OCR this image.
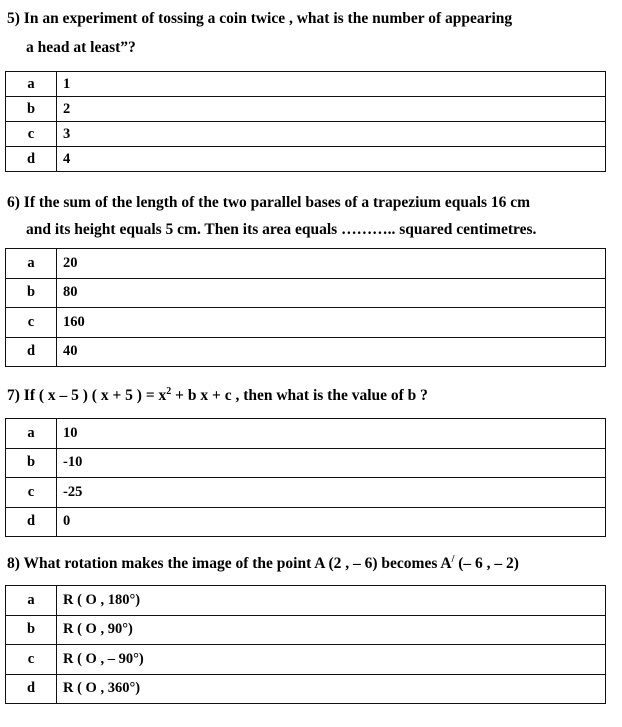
5) In an experiment of tossing a coin twice , what is the number of appearing
a head at least”?
a	1
b	2
c	3
d	4
6) If the sum of the length of the two parallel bases of a trapezium equals 16 cm
and its height equals 5 cm. Then its area equals ……….. squared centimetres.
a	20
b	80
c	160
d	40
7) If ( x – 5 ) ( x + 5 ) = $x^2 + b$ x + c , then what is the value of b ?
a	10
b	-10
c	-25
d	0
8) What rotation makes the image of the point A (2 , – 6) becomes A/ (– 6 , – 2)
a	R ( O , 180°)
b	R ( O , 90°)
c	R ( O , – 90°)
d	R ( O , 360°)
